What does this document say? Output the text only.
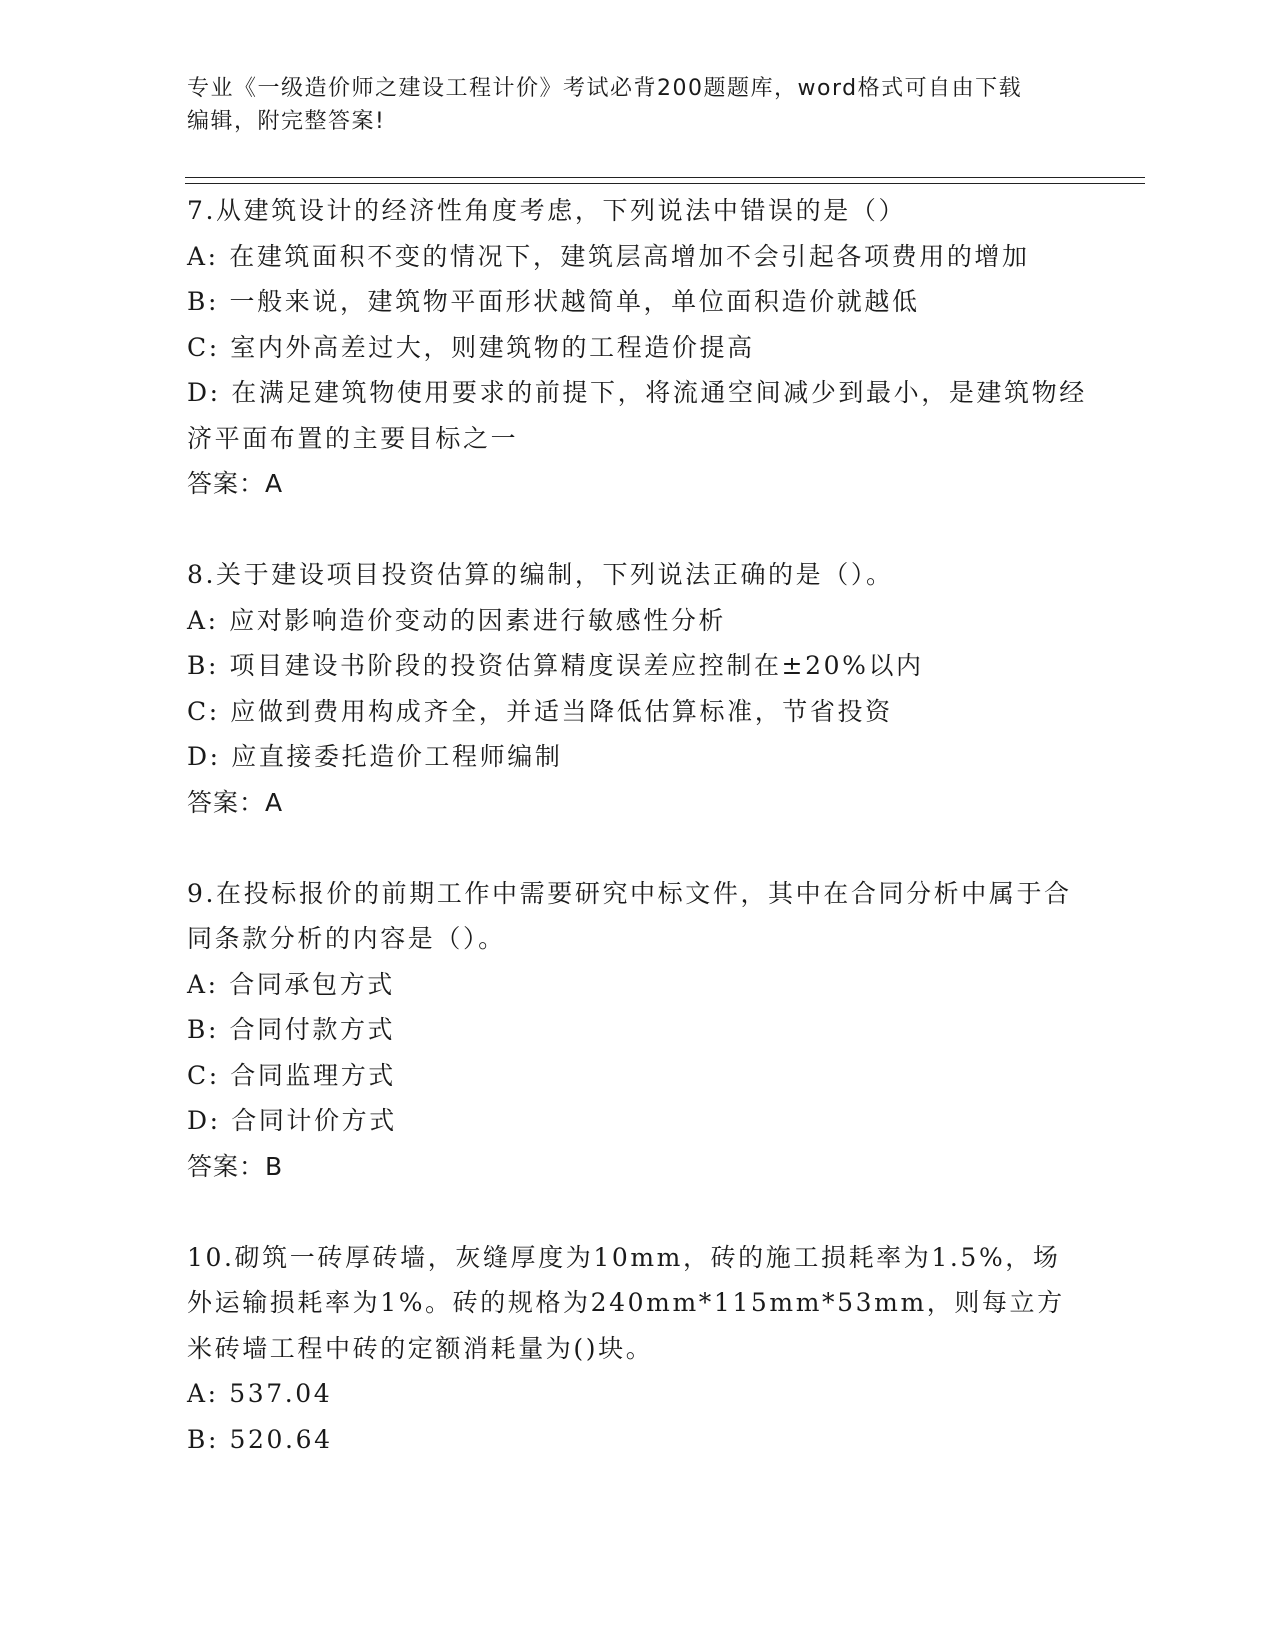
专业《一级造价师之建设工程计价》考试必背200题题库，word格式可自由下载
编辑，附完整答案!
7.从建筑设计的经济性角度考虑，下列说法中错误的是（）
A: 在建筑面积不变的情况下，建筑层高增加不会引起各项费用的增加
B: 一般来说，建筑物平面形状越简单，单位面积造价就越低
C: 室内外高差过大，则建筑物的工程造价提高
D: 在满足建筑物使用要求的前提下，将流通空间减少到最小，是建筑物经济平面布置的主要目标之一
答案：A
8.关于建设项目投资估算的编制，下列说法正确的是（）。
A: 应对影响造价变动的因素进行敏感性分析
B: 项目建设书阶段的投资估算精度误差应控制在±20%以内
C: 应做到费用构成齐全，并适当降低估算标准，节省投资
D: 应直接委托造价工程师编制
答案：A
9.在投标报价的前期工作中需要研究中标文件，其中在合同分析中属于合同条款分析的内容是（）。
A: 合同承包方式
B: 合同付款方式
C: 合同监理方式
D: 合同计价方式
答案：B
10.砌筑一砖厚砖墙，灰缝厚度为10mm，砖的施工损耗率为1.5%，场外运输损耗率为1%。砖的规格为240mm*115mm*53mm，则每立方米砖墙工程中砖的定额消耗量为()块。
A: 537.04
B: 520.64
